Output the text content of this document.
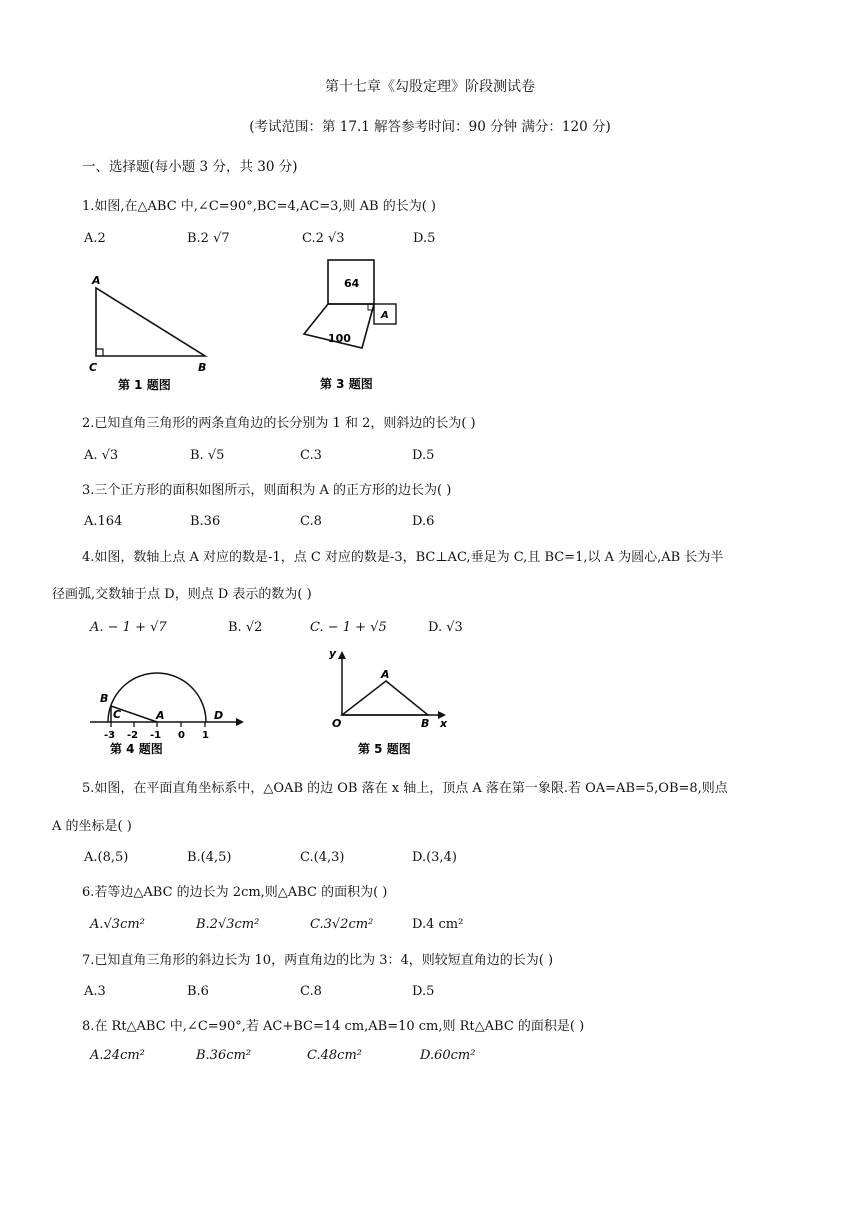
第十七章《勾股定理》阶段测试卷
(考试范围：第 17.1 解答参考时间：90 分钟 满分：120 分)
一、选择题(每小题 3 分，共 30 分)
1.如图,在△ABC 中,∠C=90°,BC=4,AC=3,则 AB 的长为( )
A.2	B.2 √7	C.2 √3	D.5
A
C	B
第 1 题图
64
100
A
第 3 题图
2.已知直角三角形的两条直角边的长分别为 1 和 2，则斜边的长为( )
A. √3	B. √5	C.3	D.5
3.三个正方形的面积如图所示，则面积为 A 的正方形的边长为( )
A.164	B.36	C.8	D.6
4.如图，数轴上点 A 对应的数是-1，点 C 对应的数是-3，BC⊥AC,垂足为 C,且 BC=1,以 A 为圆心,AB 长为半
径画弧,交数轴于点 D，则点 D 表示的数为( )
A. − 1 + √7	B. √2	C. − 1 + √5	D. √3
B
C	A	D
-3 -2 -1 0 1
第 4 题图
y
A
O	B x
第 5 题图
5.如图，在平面直角坐标系中，△OAB 的边 OB 落在 x 轴上，顶点 A 落在第一象限.若 OA=AB=5,OB=8,则点
A 的坐标是( )
A.(8,5)	B.(4,5)	C.(4,3)	D.(3,4)
6.若等边△ABC 的边长为 2cm,则△ABC 的面积为( )
A.√3cm²	B.2√3cm²	C.3√2cm²	D.4 cm²
7.已知直角三角形的斜边长为 10，两直角边的比为 3：4，则较短直角边的长为( )
A.3	B.6	C.8	D.5
8.在 Rt△ABC 中,∠C=90°,若 AC+BC=14 cm,AB=10 cm,则 Rt△ABC 的面积是( )
A.24cm²	B.36cm²	C.48cm²	D.60cm²
